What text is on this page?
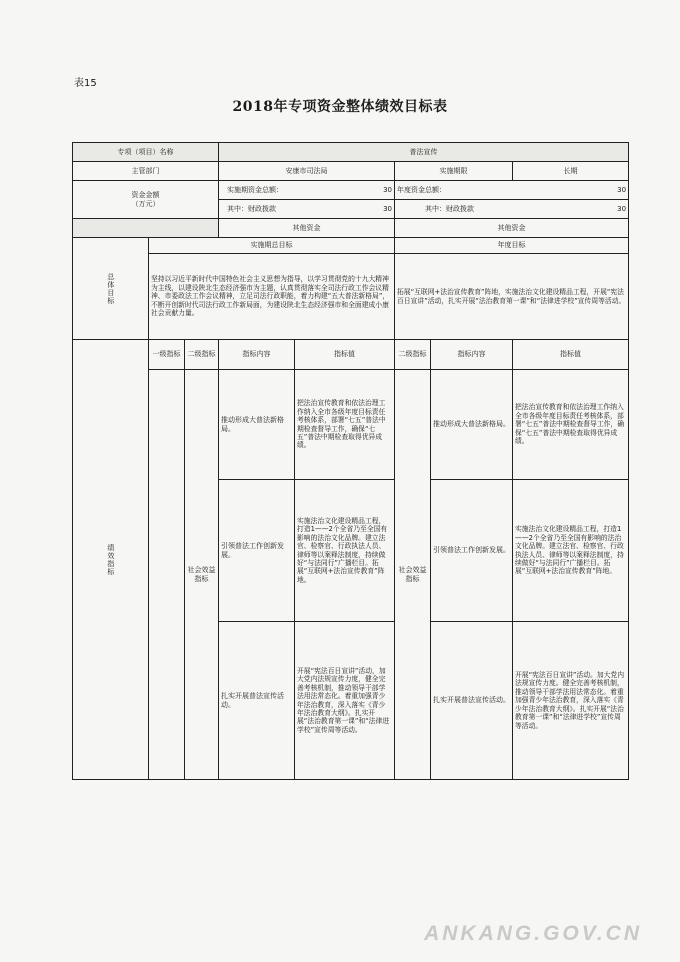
表15
2018年专项资金整体绩效目标表
专项（项目）名称			普法宣传				
主管部门			安康市司法局		实施期限		长期
资金金额
（万元）			实施期资金总额： 30		年度资金总额： 30		

			其中：财政拨款 30		其中：财政拨款 30		

			其他资金		其他资金		

总体目标	实施期总目标				年度目标		
	坚持以习近平新时代中国特色社会主义思想为指导，以学习贯彻党的十九大精神为主线，以建设陕北生态经济强市为主题，认真贯彻落实全司法行政工作会议精神、市委政法工作会议精神，立足司法行政职能，着力构建“五大普法新格局”，不断开创新时代司法行政工作新局面，为建设陕北生态经济强市和全面建成小康社会贡献力量。				拓展“互联网+法治宣传教育”阵地，实施法治文化建设精品工程，开展“宪法百日宣讲”活动，扎实开展“法治教育第一课”和“法律进学校”宣传周等活动。		

绩效指标	一级指标	二级指标	指标内容	指标值	二级指标	指标内容	指标值
		社会效益指标	推动形成大普法新格局。	把法治宣传教育和依法治理工作纳入全市各级年度目标责任考核体系，部署“七五”普法中期检查督导工作，确保“七五”普法中期检查取得优异成绩。	社会效益指标	推动形成大普法新格局。	把法治宣传教育和依法治理工作纳入全市各级年度目标责任考核体系，部署“七五”普法中期检查督导工作，确保“七五”普法中期检查取得优异成绩。
			引领普法工作创新发展。	实施法治文化建设精品工程，打造1——2个全省乃至全国有影响的法治文化品牌。建立法官、检察官、行政执法人员、律师等以案释法制度，持续做好“与法同行”广播栏目。拓展“互联网+法治宣传教育”阵地。		引领普法工作创新发展。	实施法治文化建设精品工程，打造1——2个全省乃至全国有影响的法治文化品牌。建立法官、检察官、行政执法人员、律师等以案释法制度，持续做好“与法同行”广播栏目。拓展“互联网+法治宣传教育”阵地。
			扎实开展普法宣传活动。	开展“宪法百日宣讲”活动，加大党内法规宣传力度，健全完善考核机制，推动领导干部学法用法常态化。着重加强青少年法治教育，深入落实《青少年法治教育大纲》。扎实开展“法治教育第一课”和“法律进学校”宣传周等活动。		扎实开展普法宣传活动。	开展“宪法百日宣讲”活动。加大党内法规宣传力度。健全完善考核机制，推动领导干部学法用法常态化。着重加强青少年法治教育，深入落实《青少年法治教育大纲》。扎实开展“法治教育第一课”和“法律进学校”宣传周等活动。
ANKANG.GOV.CN
